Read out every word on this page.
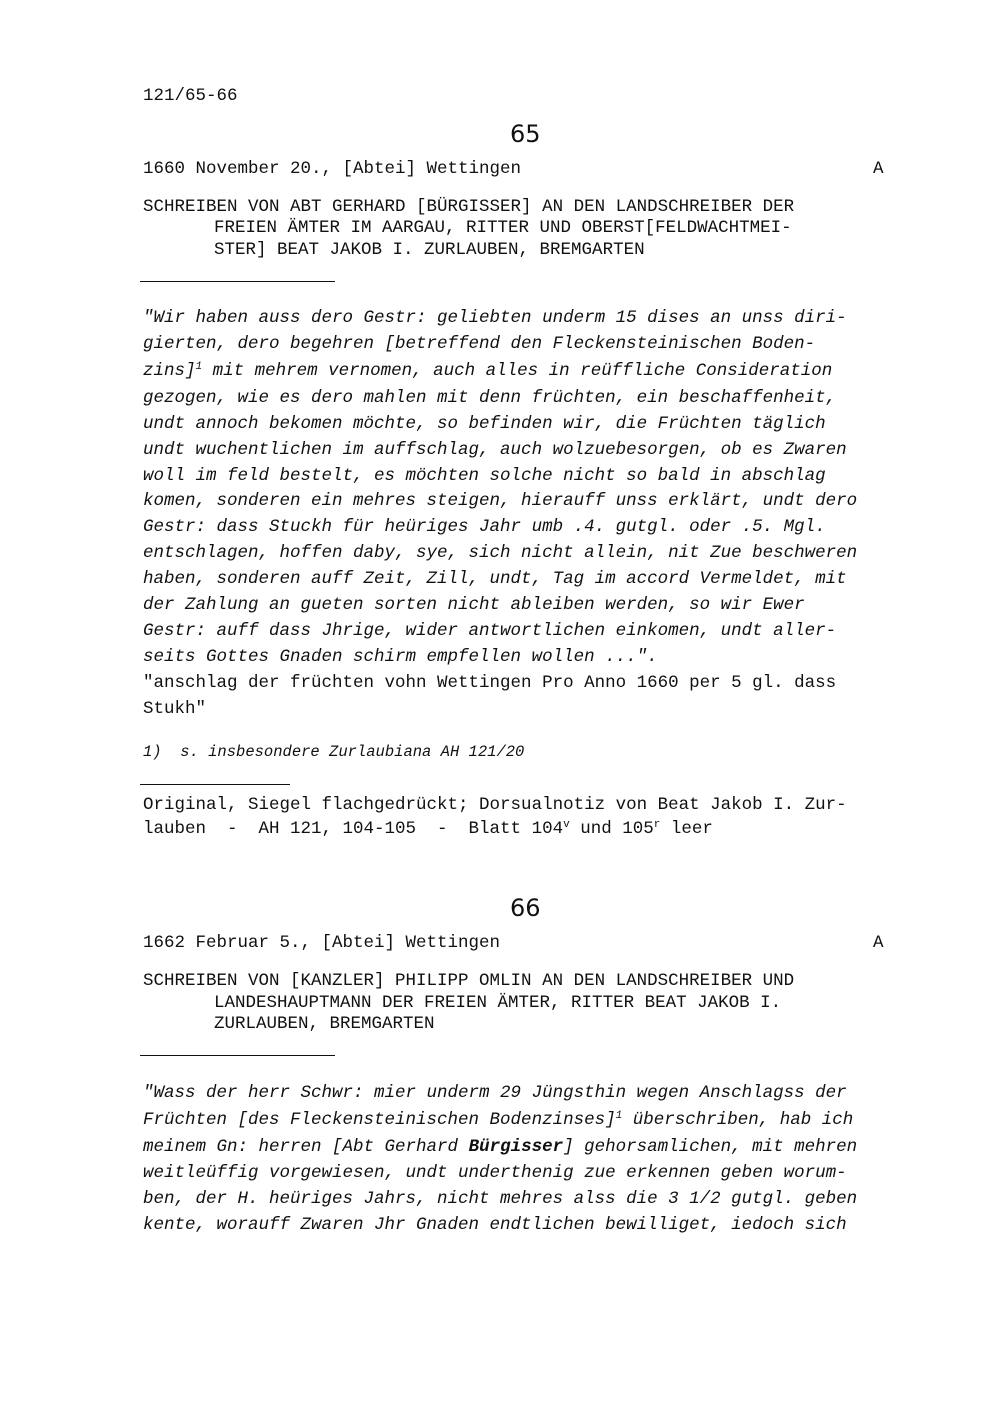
121/65-66
65
1660 November 20., [Abtei] Wettingen	A
SCHREIBEN VON ABT GERHARD [BÜRGISSER] AN DEN LANDSCHREIBER DER
FREIEN ÄMTER IM AARGAU, RITTER UND OBERST[FELDWACHTMEI-
STER] BEAT JAKOB I. ZURLAUBEN, BREMGARTEN
"Wir haben auss dero Gestr: geliebten underm 15 dises an unss diri-
gierten, dero begehren [betreffend den Fleckensteinischen Boden-
zins]$^1$ mit mehrem vernomen, auch alles in reüffliche Consideration
gezogen, wie es dero mahlen mit denn früchten, ein beschaffenheit,
undt annoch bekomen möchte, so befinden wir, die Früchten täglich
undt wuchentlichen im auffschlag, auch wolzuebesorgen, ob es Zwaren
woll im feld bestelt, es möchten solche nicht so bald in abschlag
komen, sonderen ein mehres steigen, hierauff unss erklärt, undt dero
Gestr: dass Stuckh für heüriges Jahr umb .4. gutgl. oder .5. Mgl.
entschlagen, hoffen daby, sye, sich nicht allein, nit Zue beschweren
haben, sonderen auff Zeit, Zill, undt, Tag im accord Vermeldet, mit
der Zahlung an gueten sorten nicht ableiben werden, so wir Ewer
Gestr: auff dass Jhrige, wider antwortlichen einkomen, undt aller-
seits Gottes Gnaden schirm empfellen wollen ...".
"anschlag der früchten vohn Wettingen Pro Anno 1660 per 5 gl. dass
Stukh"
1)  s. insbesondere Zurlaubiana AH 121/20
Original, Siegel flachgedrückt; Dorsualnotiz von Beat Jakob I. Zur-
lauben  -  AH 121, 104-105  -  Blatt 104$^v$ und 105$^r$ leer
66
1662 Februar 5., [Abtei] Wettingen	A
SCHREIBEN VON [KANZLER] PHILIPP OMLIN AN DEN LANDSCHREIBER UND
LANDESHAUPTMANN DER FREIEN ÄMTER, RITTER BEAT JAKOB I.
ZURLAUBEN, BREMGARTEN
"Wass der herr Schwr: mier underm 29 Jüngsthin wegen Anschlagss der
Früchten [des Fleckensteinischen Bodenzinses]$^1$ überschriben, hab ich
meinem Gn: herren [Abt Gerhard Bürgisser] gehorsamlichen, mit mehren
weitleüffig vorgewiesen, undt underthenig zue erkennen geben worum-
ben, der H. heüriges Jahrs, nicht mehres alss die 3 1/2 gutgl. geben
kente, worauff Zwaren Jhr Gnaden endtlichen bewilliget, iedoch sich
